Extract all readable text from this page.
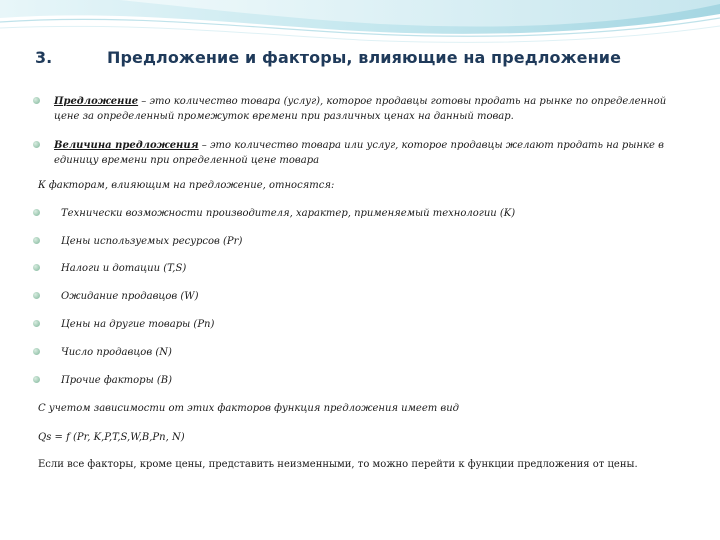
3.	Предложение и факторы, влияющие на предложение
Предложение – это количество товара (услуг), которое продавцы готовы продать на рынке по определенной цене за определенный промежуток времени при различных ценах на данный товар.
Величина предложения – это количество товара или услуг, которое продавцы желают продать на рынке в единицу времени при определенной цене товара
К факторам, влияющим на предложение, относятся:
Технически возможности производителя, характер, применяемый технологии (K)
Цены используемых ресурсов (Pr)
Налоги и дотации (T,S)
Ожидание продавцов (W)
Цены на другие товары (Pn)
Число продавцов (N)
Прочие факторы (B)
С учетом зависимости от этих факторов функция предложения имеет вид
Qs = f (Pr, K,P,T,S,W,B,Pn, N)
Если все факторы, кроме цены, представить неизменными, то можно перейти к функции предложения от цены.
